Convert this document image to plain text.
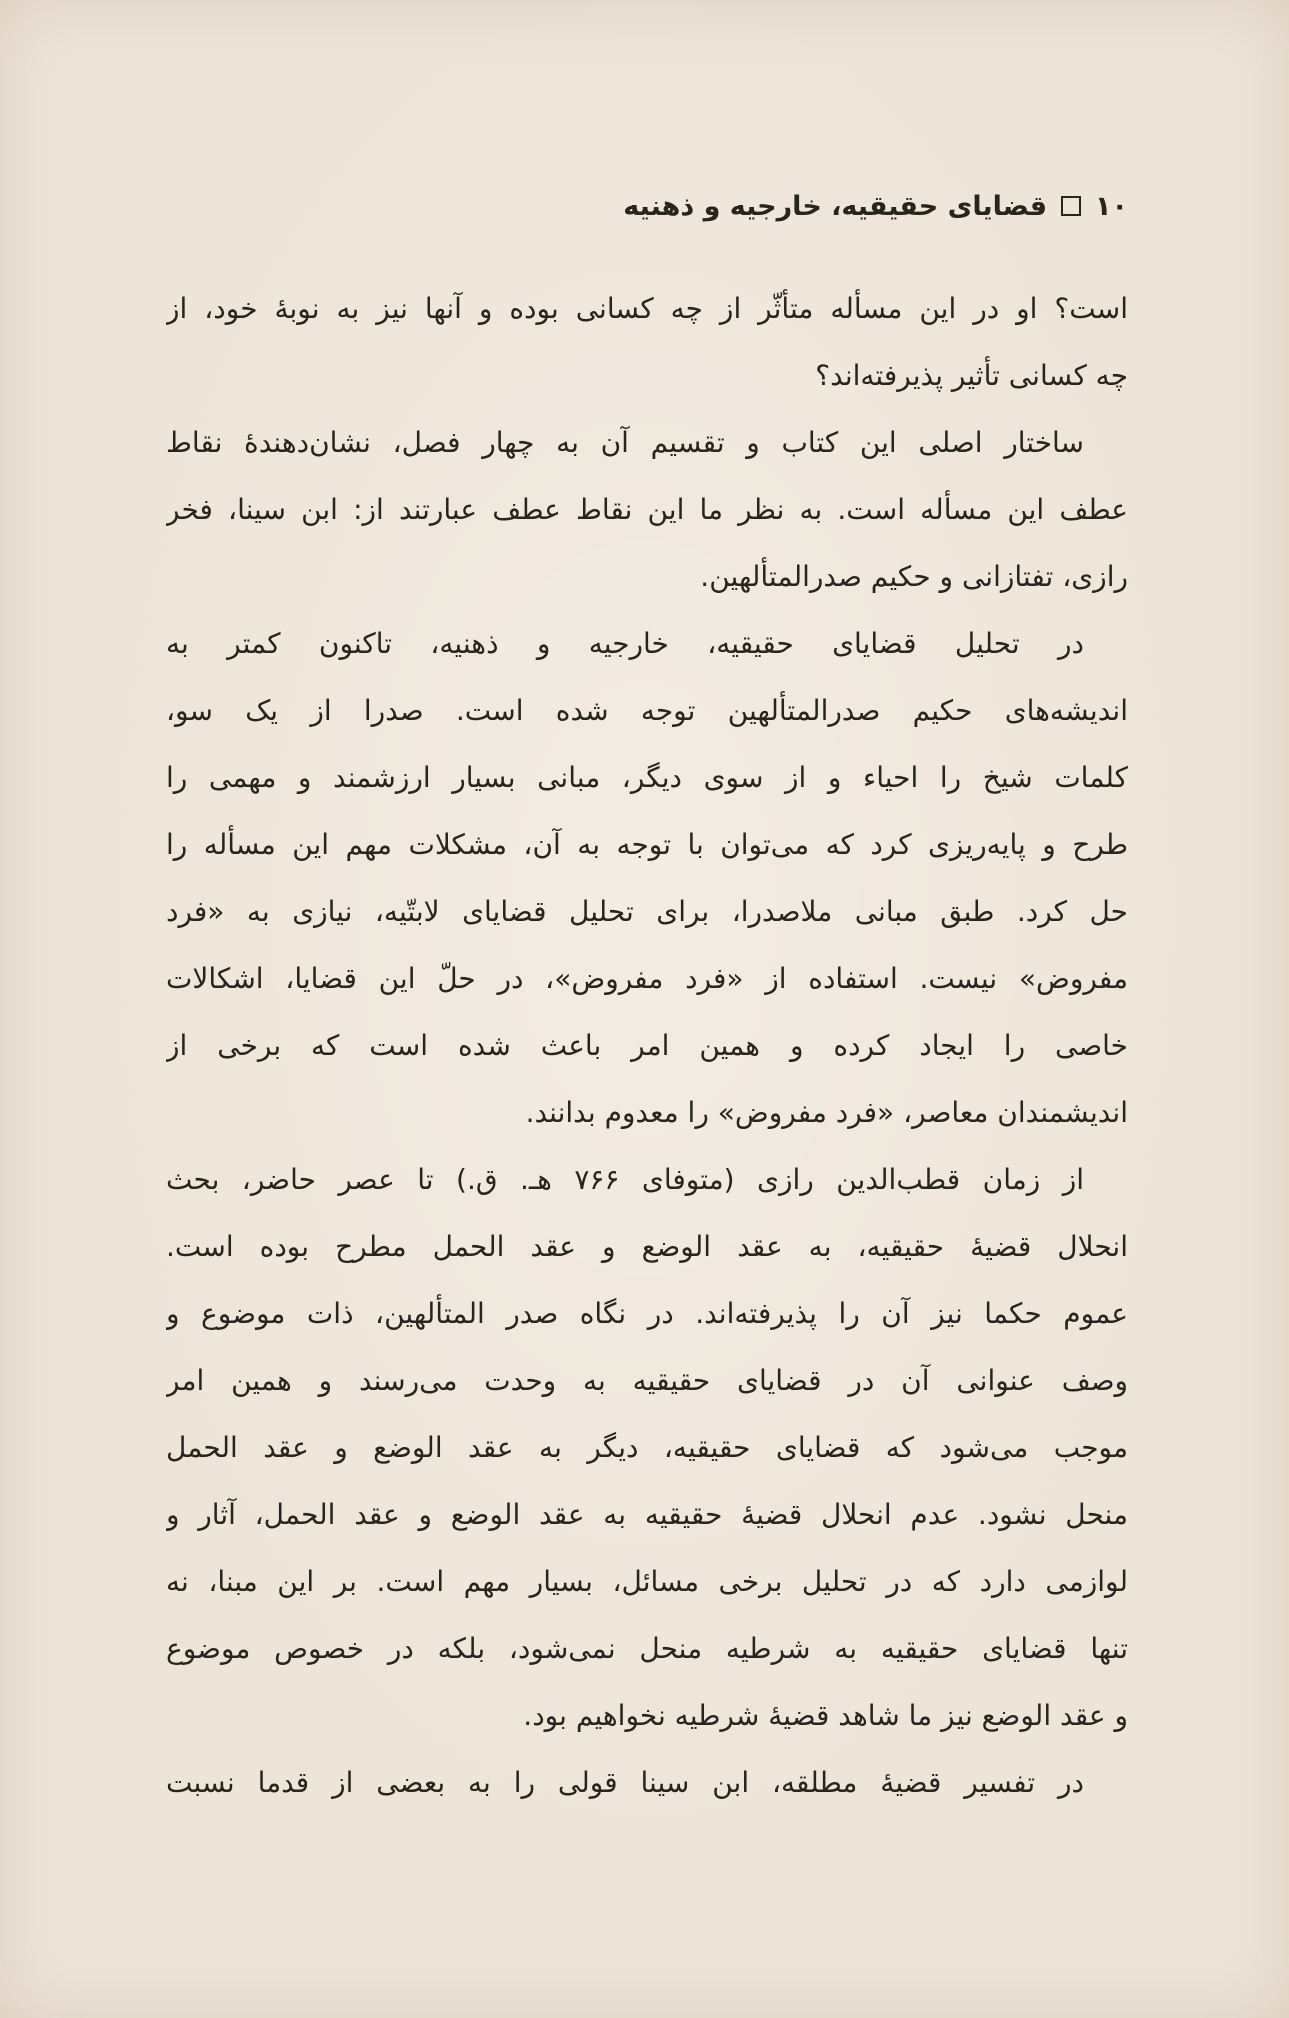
۱۰
قضایای حقیقیه، خارجیه و ذهنیه
است؟ او در این مسأله متأثّر از چه کسانی بوده و آنها نیز به نوبهٔ خود، از
چه کسانی تأثیر پذیرفته‌اند؟
ساختار اصلی این کتاب و تقسیم آن به چهار فصل، نشان‌دهندهٔ نقاط
عطف این مسأله است. به نظر ما این نقاط عطف عبارتند از: ابن سینا، فخر
رازی، تفتازانی و حکیم صدرالمتألهین.
در تحلیل قضایای حقیقیه، خارجیه و ذهنیه، تاکنون کمتر به
اندیشه‌های حکیم صدرالمتألهین توجه شده است. صدرا از یک سو،
کلمات شیخ را احیاء و از سوی دیگر، مبانی بسیار ارزشمند و مهمی را
طرح و پایه‌ریزی کرد که می‌توان با توجه به آن، مشکلات مهم این مسأله را
حل کرد. طبق مبانی ملاصدرا، برای تحلیل قضایای لابتّیه، نیازی به «فرد
مفروض» نیست. استفاده از «فرد مفروض»، در حلّ این قضایا، اشکالات
خاصی را ایجاد کرده و همین امر باعث شده است که برخی از
اندیشمندان معاصر، «فرد مفروض» را معدوم بدانند.
از زمان قطب‌الدین رازی (متوفای ۷۶۶ هـ. ق.) تا عصر حاضر، بحث
انحلال قضیهٔ حقیقیه، به عقد الوضع و عقد الحمل مطرح بوده است.
عموم حکما نیز آن را پذیرفته‌اند. در نگاه صدر المتألهین، ذات موضوع و
وصف عنوانی آن در قضایای حقیقیه به وحدت می‌رسند و همین امر
موجب می‌شود که قضایای حقیقیه، دیگر به عقد الوضع و عقد الحمل
منحل نشود. عدم انحلال قضیهٔ حقیقیه به عقد الوضع و عقد الحمل، آثار و
لوازمی دارد که در تحلیل برخی مسائل، بسیار مهم است. بر این مبنا، نه
تنها قضایای حقیقیه به شرطیه منحل نمی‌شود، بلکه در خصوص موضوع
و عقد الوضع نیز ما شاهد قضیهٔ شرطیه نخواهیم بود.
در تفسیر قضیهٔ مطلقه، ابن سینا قولی را به بعضی از قدما نسبت
